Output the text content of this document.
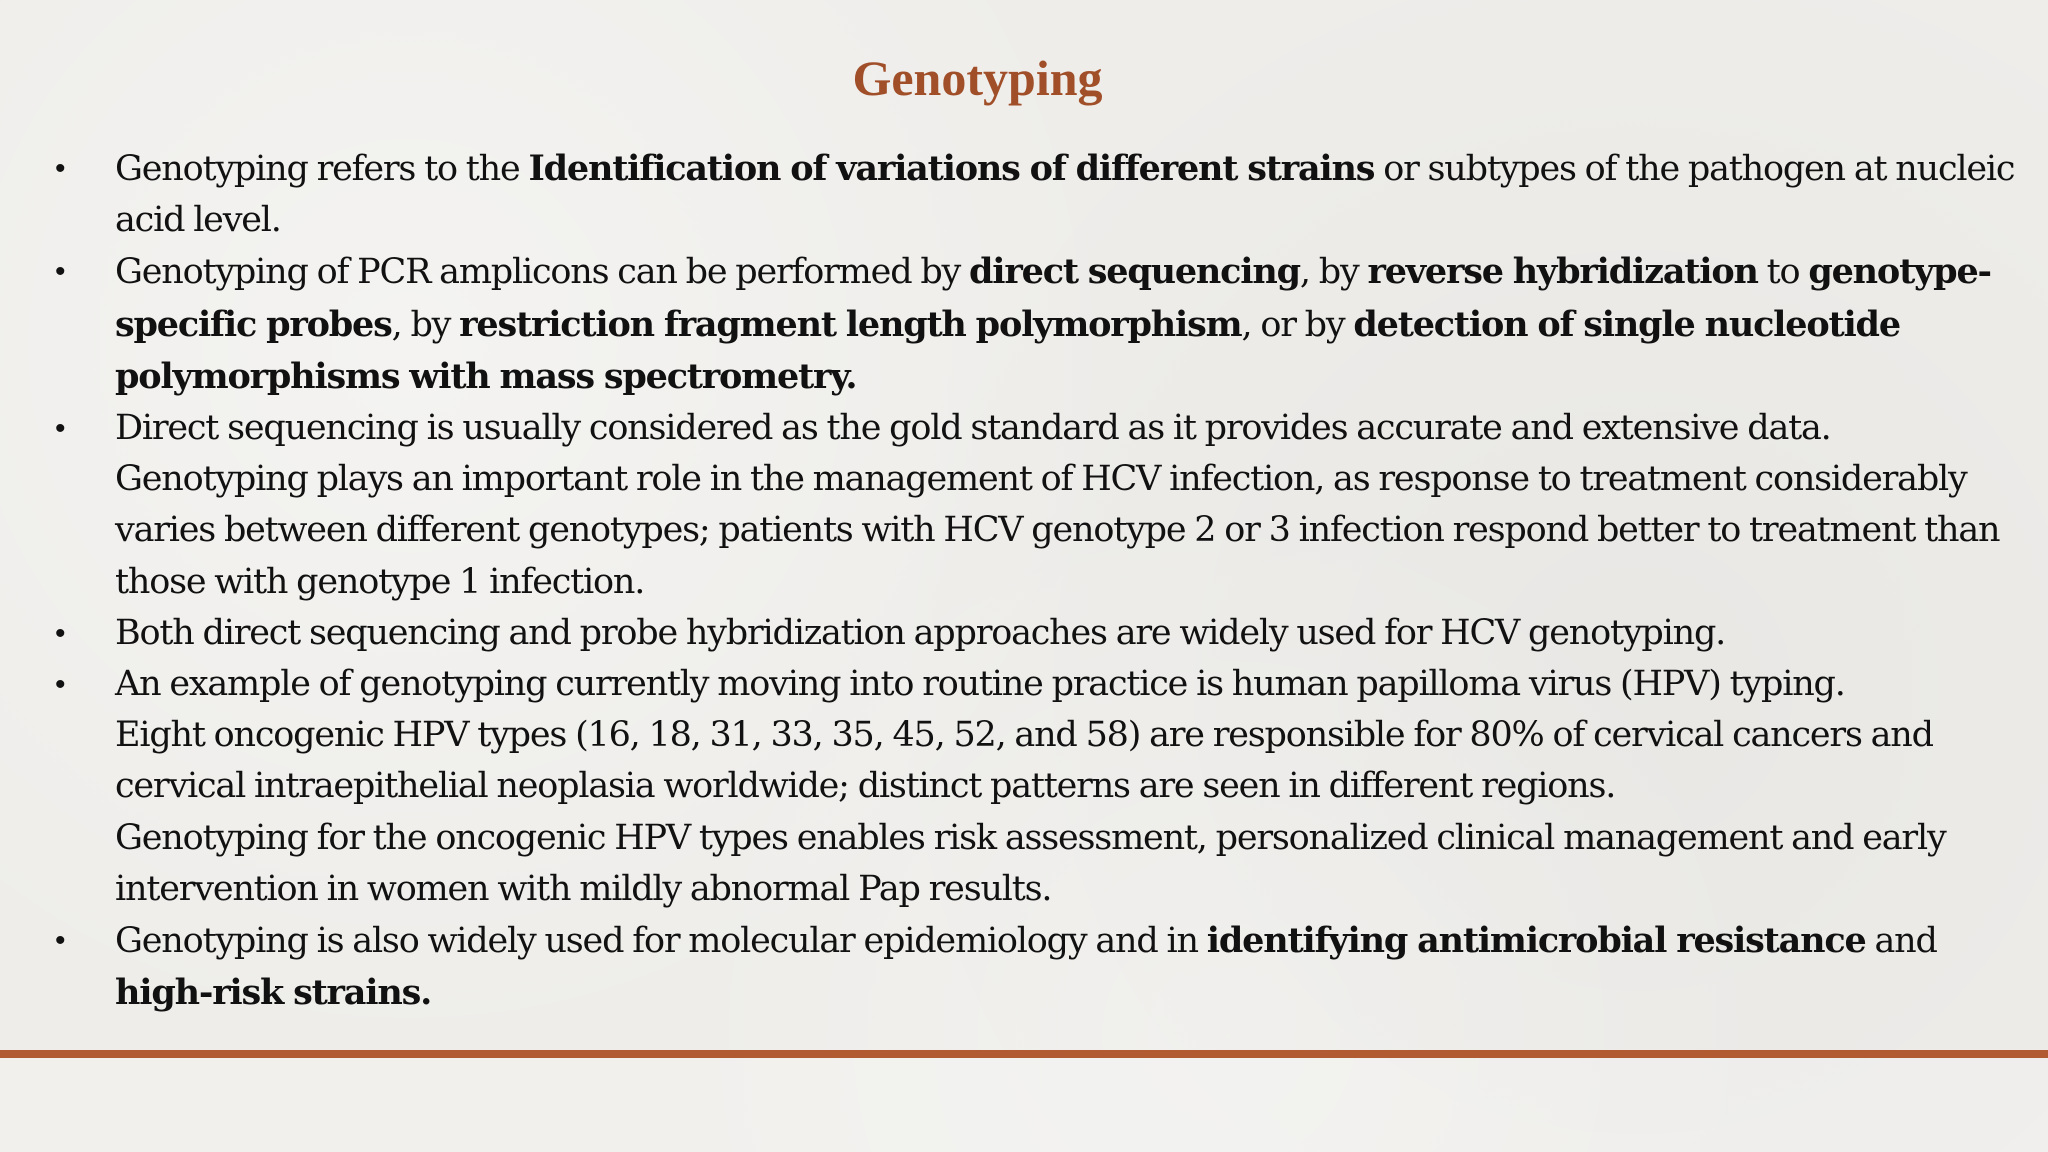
Genotyping
•	Genotyping refers to the Identification of variations of different strains or subtypes of the pathogen at nucleic acid level.
•	Genotyping of PCR amplicons can be performed by direct sequencing, by reverse hybridization to genotype-specific probes, by restriction fragment length polymorphism, or by detection of single nucleotide polymorphisms with mass spectrometry.
•	Direct sequencing is usually considered as the gold standard as it provides accurate and extensive data.
Genotyping plays an important role in the management of HCV infection, as response to treatment considerably varies between different genotypes; patients with HCV genotype 2 or 3 infection respond better to treatment than those with genotype 1 infection.
•	Both direct sequencing and probe hybridization approaches are widely used for HCV genotyping.
•	An example of genotyping currently moving into routine practice is human papilloma virus (HPV) typing.
Eight oncogenic HPV types (16, 18, 31, 33, 35, 45, 52, and 58) are responsible for 80% of cervical cancers and cervical intraepithelial neoplasia worldwide; distinct patterns are seen in different regions.
Genotyping for the oncogenic HPV types enables risk assessment, personalized clinical management and early intervention in women with mildly abnormal Pap results.
•	Genotyping is also widely used for molecular epidemiology and in identifying antimicrobial resistance and high-risk strains.
